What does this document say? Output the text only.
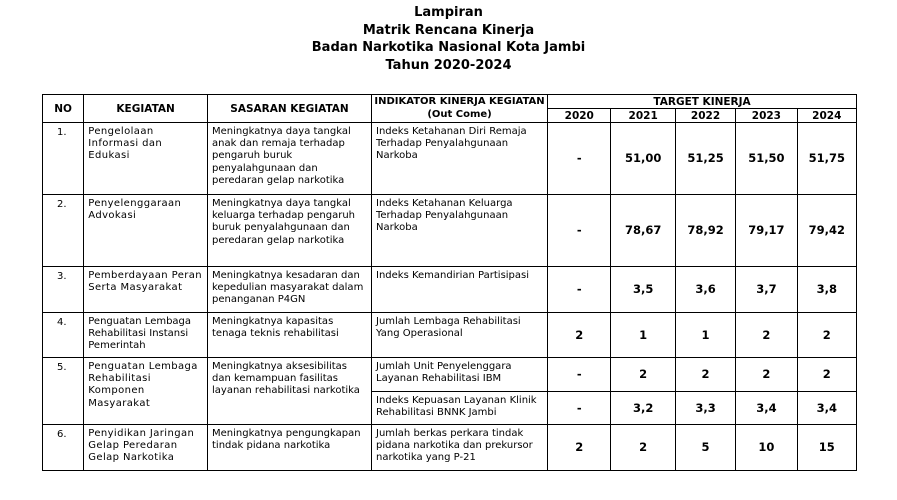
Lampiran
Matrik Rencana Kinerja
Badan Narkotika Nasional Kota Jambi
Tahun 2020-2024
NO	KEGIATAN	SASARAN KEGIATAN	INDIKATOR KINERJA KEGIATAN (Out Come)	TARGET KINERJA				
				2020	2021	2022	2023	2024
1.	Pengelolaan Informasi dan Edukasi	Meningkatnya daya tangkal anak dan remaja terhadap pengaruh buruk penyalahgunaan dan peredaran gelap narkotika	Indeks Ketahanan Diri Remaja Terhadap Penyalahgunaan Narkoba	-	51,00	51,25	51,50	51,75
2.	Penyelenggaraan Advokasi	Meningkatnya daya tangkal keluarga terhadap pengaruh buruk penyalahgunaan dan peredaran gelap narkotika	Indeks Ketahanan Keluarga Terhadap Penyalahgunaan Narkoba	-	78,67	78,92	79,17	79,42
3.	Pemberdayaan Peran Serta Masyarakat	Meningkatnya kesadaran dan kepedulian masyarakat dalam penanganan P4GN	Indeks Kemandirian Partisipasi	-	3,5	3,6	3,7	3,8
4.	Penguatan Lembaga Rehabilitasi Instansi Pemerintah	Meningkatnya kapasitas tenaga teknis rehabilitasi	Jumlah Lembaga Rehabilitasi Yang Operasional	2	1	1	2	2
5.	Penguatan Lembaga Rehabilitasi Komponen Masyarakat	Meningkatnya aksesibilitas dan kemampuan fasilitas layanan rehabilitasi narkotika	Jumlah Unit Penyelenggara Layanan Rehabilitasi IBM	-	2	2	2	2
			Indeks Kepuasan Layanan Klinik Rehabilitasi BNNK Jambi	-	3,2	3,3	3,4	3,4
6.	Penyidikan Jaringan Gelap Peredaran Gelap Narkotika	Meningkatnya pengungkapan tindak pidana narkotika	Jumlah berkas perkara tindak pidana narkotika dan prekursor narkotika yang P-21	2	2	5	10	15
